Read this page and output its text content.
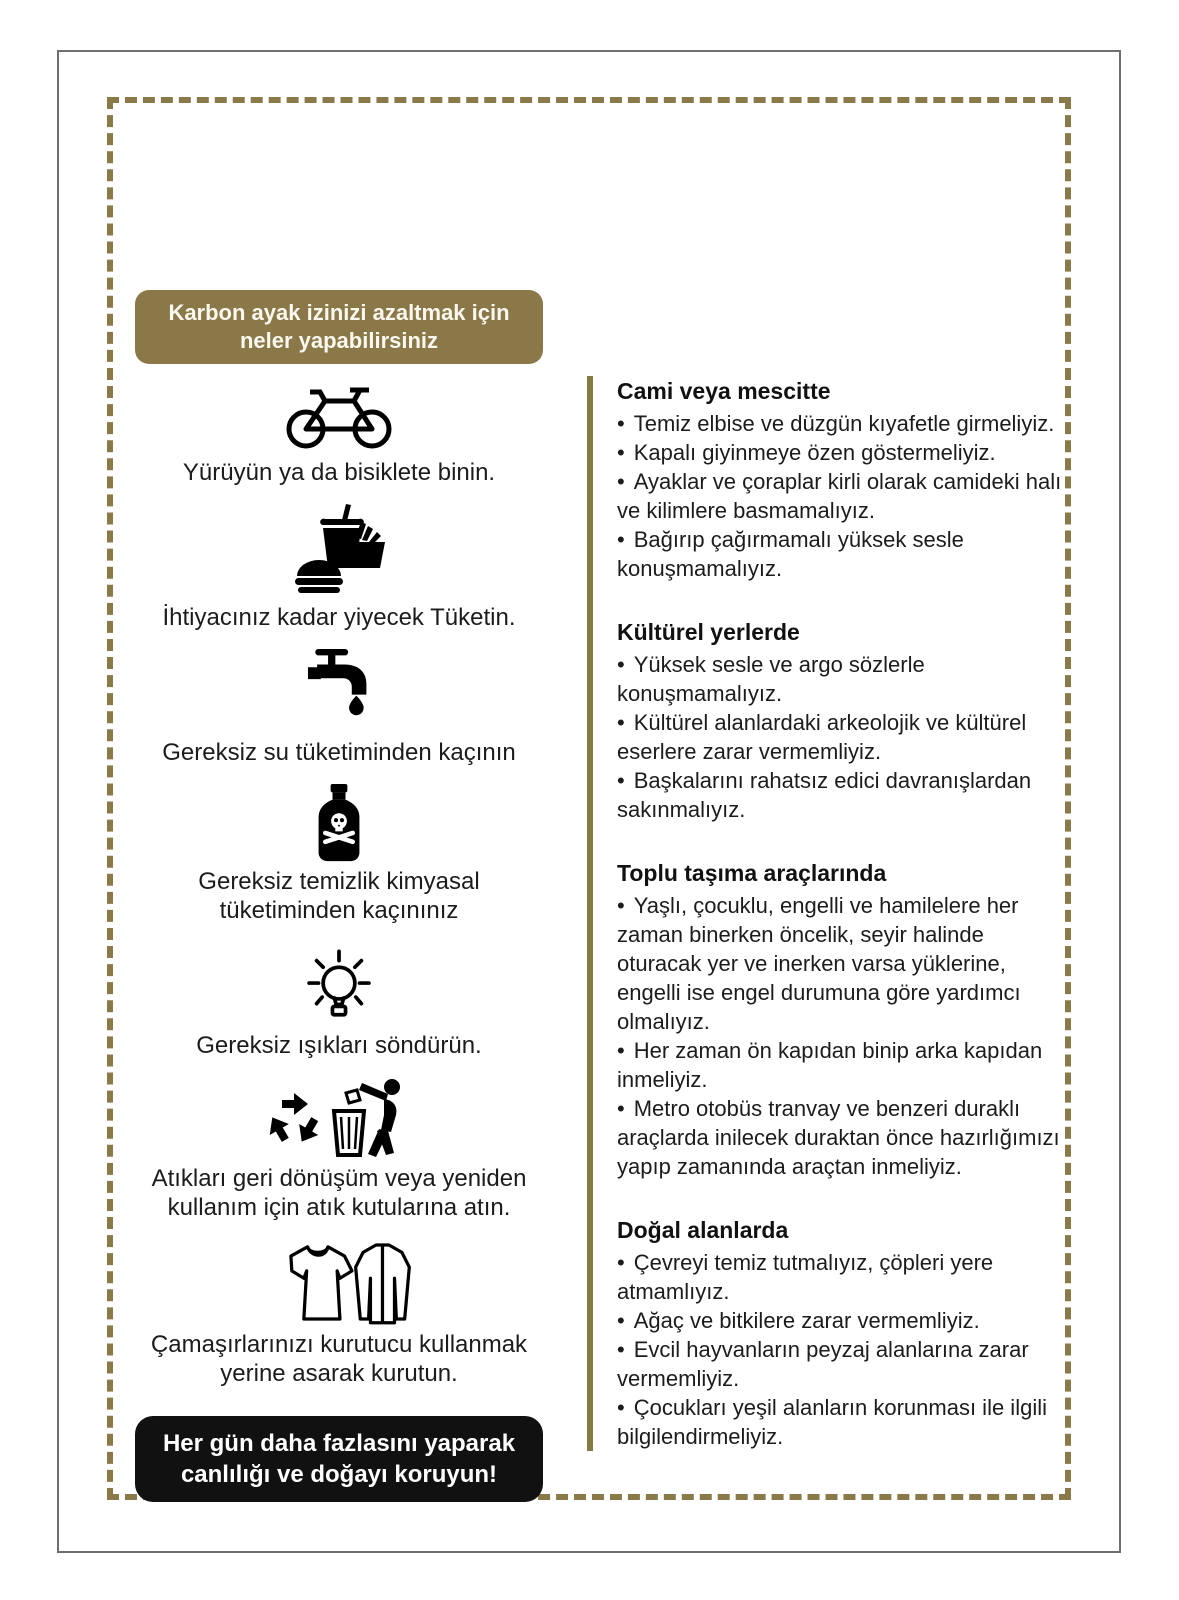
Karbon ayak izinizi azaltmak için
neler yapabilirsiniz
Yürüyün ya da bisiklete binin.
İhtiyacınız kadar yiyecek Tüketin.
Gereksiz su tüketiminden kaçının
Gereksiz temizlik kimyasal tüketiminden kaçınınız
Gereksiz ışıkları söndürün.
Atıkları geri dönüşüm veya yeniden kullanım için atık kutularına atın.
Çamaşırlarınızı kurutucu kullanmak yerine asarak kurutun.
Her gün daha fazlasını yaparak
canlılığı ve doğayı koruyun!
Cami veya mescitte

• Temiz elbise ve düzgün kıyafetle girmeliyiz.

• Kapalı giyinmeye özen göstermeliyiz.

• Ayaklar ve çoraplar kirli olarak camideki halı ve kilimlere basmamalıyız.

• Bağırıp çağırmamalı yüksek sesle konuşmamalıyız.

Kültürel yerlerde

• Yüksek sesle ve argo sözlerle konuşmamalıyız.

• Kültürel alanlardaki arkeolojik ve kültürel eserlere zarar vermemliyiz.

• Başkalarını rahatsız edici davranışlardan sakınmalıyız.

Toplu taşıma araçlarında

• Yaşlı, çocuklu, engelli ve hamilelere her zaman binerken öncelik, seyir halinde oturacak yer ve inerken varsa yüklerine, engelli ise engel durumuna göre yardımcı olmalıyız.

• Her zaman ön kapıdan binip arka kapıdan inmeliyiz.

• Metro otobüs tranvay ve benzeri duraklı araçlarda inilecek duraktan önce hazırlığımızı yapıp zamanında araçtan inmeliyiz.

Doğal alanlarda

• Çevreyi temiz tutmalıyız, çöpleri yere atmamlıyız.

• Ağaç ve bitkilere zarar vermemliyiz.

• Evcil hayvanların peyzaj alanlarına zarar vermemliyiz.

• Çocukları yeşil alanların korunması ile ilgili bilgilendirmeliyiz.
